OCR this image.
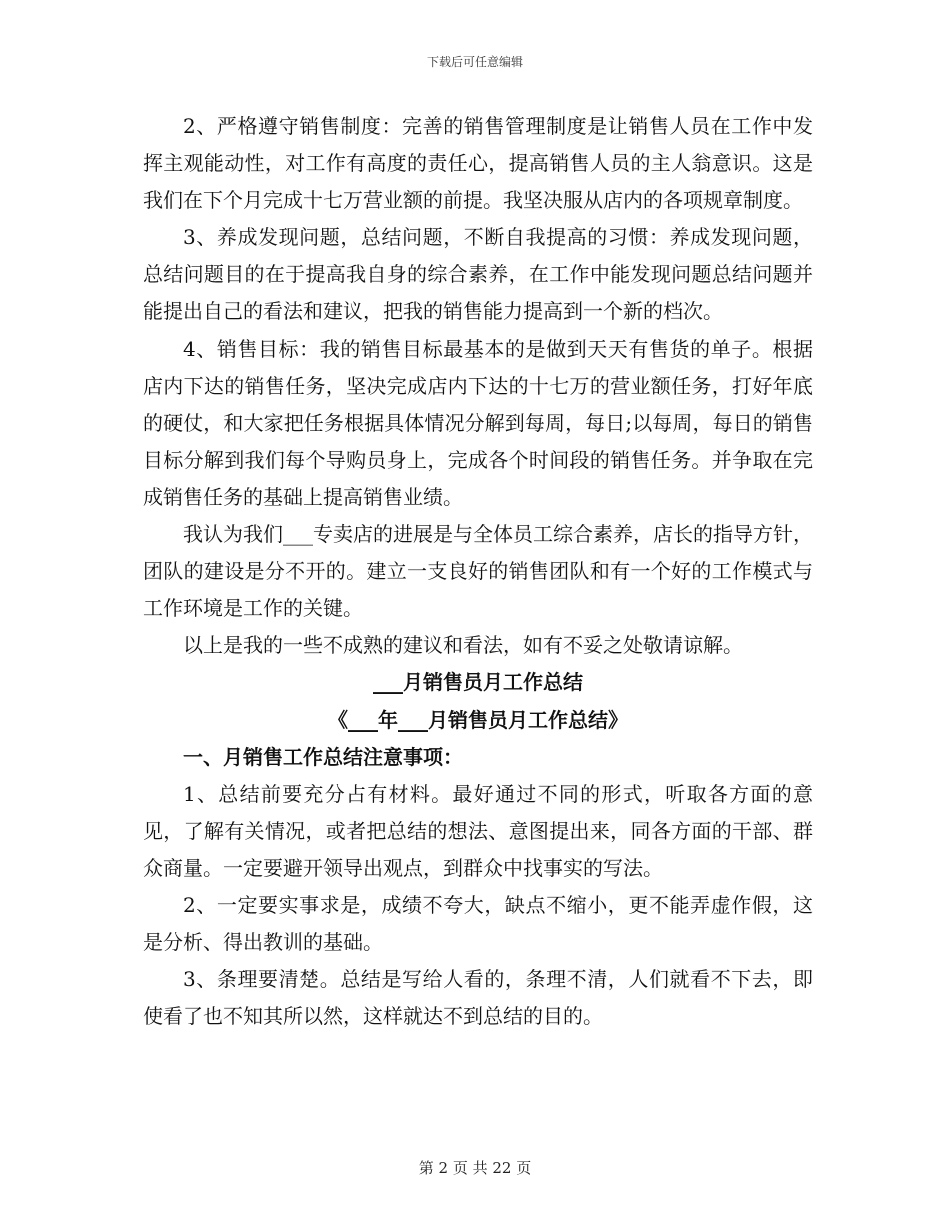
下载后可任意编辑

2、严格遵守销售制度：完善的销售管理制度是让销售人员在工作中发挥主观能动性，对工作有高度的责任心，提高销售人员的主人翁意识。这是我们在下个月完成十七万营业额的前提。我坚决服从店内的各项规章制度。

3、养成发现问题，总结问题，不断自我提高的习惯：养成发现问题，总结问题目的在于提高我自身的综合素养，在工作中能发现问题总结问题并能提出自己的看法和建议，把我的销售能力提高到一个新的档次。

4、销售目标：我的销售目标最基本的是做到天天有售货的单子。根据店内下达的销售任务，坚决完成店内下达的十七万的营业额任务，打好年底的硬仗，和大家把任务根据具体情况分解到每周，每日;以每周，每日的销售目标分解到我们每个导购员身上，完成各个时间段的销售任务。并争取在完成销售任务的基础上提高销售业绩。

我认为我们___专卖店的进展是与全体员工综合素养，店长的指导方针，团队的建设是分不开的。建立一支良好的销售团队和有一个好的工作模式与工作环境是工作的关键。

以上是我的一些不成熟的建议和看法，如有不妥之处敬请谅解。

___月销售员月工作总结

《___年___月销售员月工作总结》

一、月销售工作总结注意事项：

1、总结前要充分占有材料。最好通过不同的形式，听取各方面的意见，了解有关情况，或者把总结的想法、意图提出来，同各方面的干部、群众商量。一定要避开领导出观点，到群众中找事实的写法。

2、一定要实事求是，成绩不夸大，缺点不缩小，更不能弄虚作假，这是分析、得出教训的基础。

3、条理要清楚。总结是写给人看的，条理不清，人们就看不下去，即使看了也不知其所以然，这样就达不到总结的目的。

第 2 页 共 22 页
